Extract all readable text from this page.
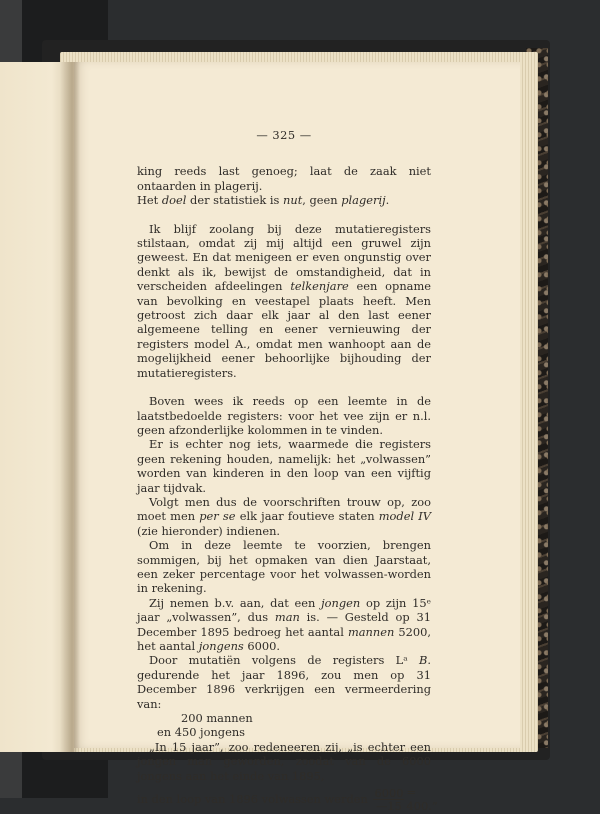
— 325 —

king reeds last genoeg; laat de zaak niet ontaarden in plagerij.
Het doel der statistiek is nut, geen plagerij.

Ik blijf zoolang bij deze mutatieregisters stilstaan, omdat zij mij altijd een gruwel zijn geweest. En dat menigeen er even ongunstig over denkt als ik, bewijst de omstandigheid, dat in verscheiden afdeelingen telkenjare een opname van bevolking en veestapel plaats heeft. Men getroost zich daar elk jaar al den last eener algemeene telling en eener vernieuwing der registers model A., omdat men wanhoopt aan de mogelijkheid eener behoorlijke bijhouding der mutatieregisters.

Boven wees ik reeds op een leemte in de laatstbedoelde registers: voor het vee zijn er n.l. geen afzonderlijke kolommen in te vinden.

Er is echter nog iets, waarmede die registers geen rekening houden, namelijk: het „volwassen” worden van kinderen in den loop van een vijftig jaar tijdvak.

Volgt men dus de voorschriften trouw op, zoo moet men per se elk jaar foutieve staten model IV (zie hieronder) indienen.

Om in deze leemte te voorzien, brengen sommigen, bij het opmaken van dien Jaarstaat, een zeker percentage voor het volwassen-worden in rekening.

Zij nemen b.v. aan, dat een jongen op zijn 15ᵉ jaar „volwassen”, dus man is. — Gesteld op 31 December 1895 bedroeg het aantal mannen 5200, het aantal jongens 6000.

Door mutatiën volgens de registers Lᵃ B. gedurende het jaar 1896, zou men op 31 December 1896 verkrijgen een vermeerdering van:

200 mannen

en 450 jongens

„In 15 jaar”, zoo redeneeren zij, „is echter een jongen man geworden, zoodat van de 6000 jongens aan het einde van 1895,

in den loop van 1896 volwassen werden $\frac{6000}{—15} = 400$.”
